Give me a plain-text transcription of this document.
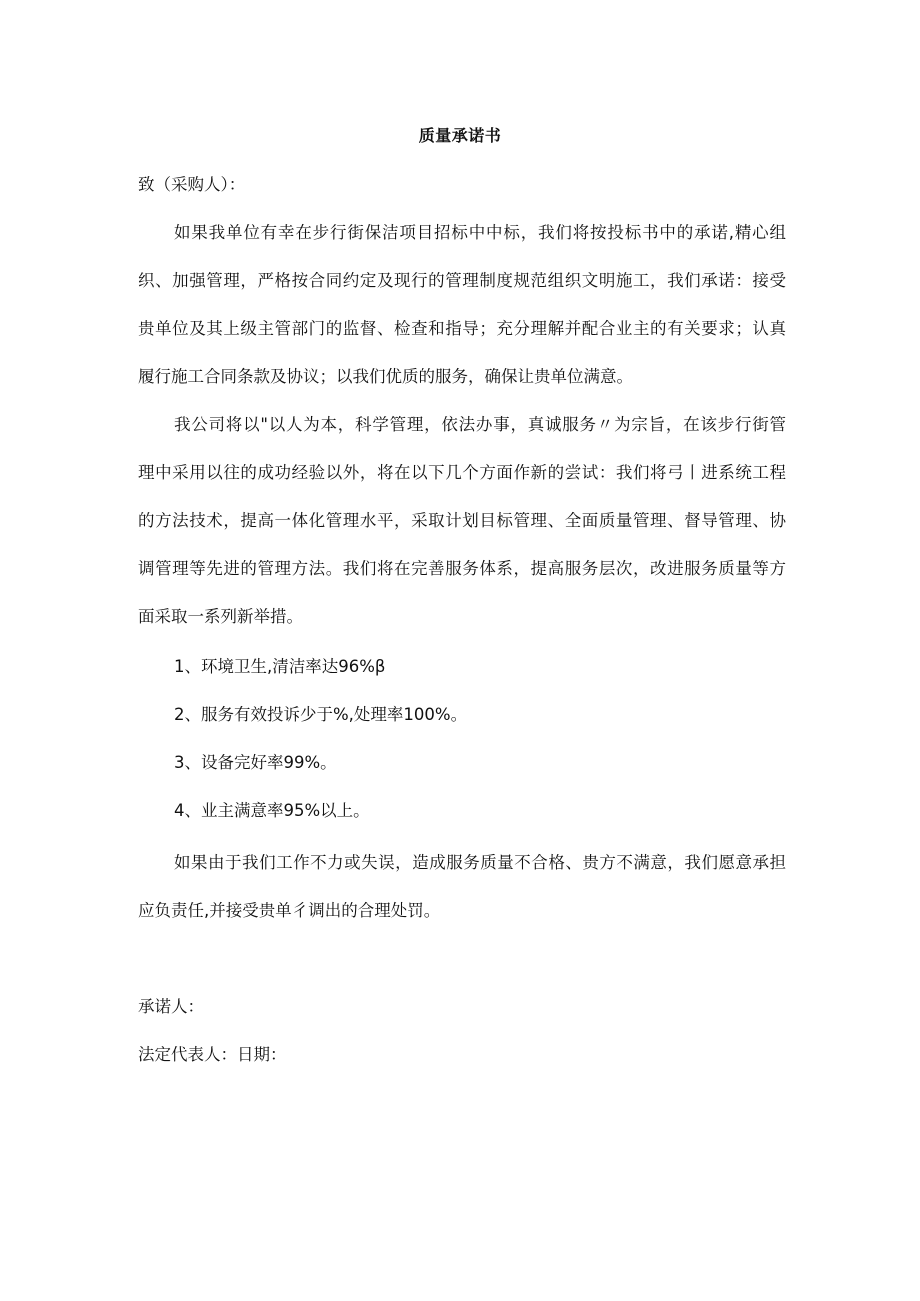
质量承诺书
致（采购人）：
如果我单位有幸在步行街保洁项目招标中中标，我们将按投标书中的承诺,精心组
织、加强管理，严格按合同约定及现行的管理制度规范组织文明施工，我们承诺：接受
贵单位及其上级主管部门的监督、检查和指导；充分理解并配合业主的有关要求；认真
履行施工合同条款及协议；以我们优质的服务，确保让贵单位满意。
我公司将以"以人为本，科学管理，依法办事，真诚服务〃为宗旨，在该步行街管
理中采用以往的成功经验以外，将在以下几个方面作新的尝试：我们将弓丨进系统工程
的方法技术，提高一体化管理水平，采取计划目标管理、全面质量管理、督导管理、协
调管理等先进的管理方法。我们将在完善服务体系，提高服务层次，改进服务质量等方
面采取一系列新举措。
1、环境卫生,清洁率达96%β
2、服务有效投诉少于%,处理率100%。
3、设备完好率99%。
4、业主满意率95%以上。
如果由于我们工作不力或失误，造成服务质量不合格、贵方不满意，我们愿意承担
应负责任,并接受贵单彳调出的合理处罚。
承诺人：
法定代表人：日期：
